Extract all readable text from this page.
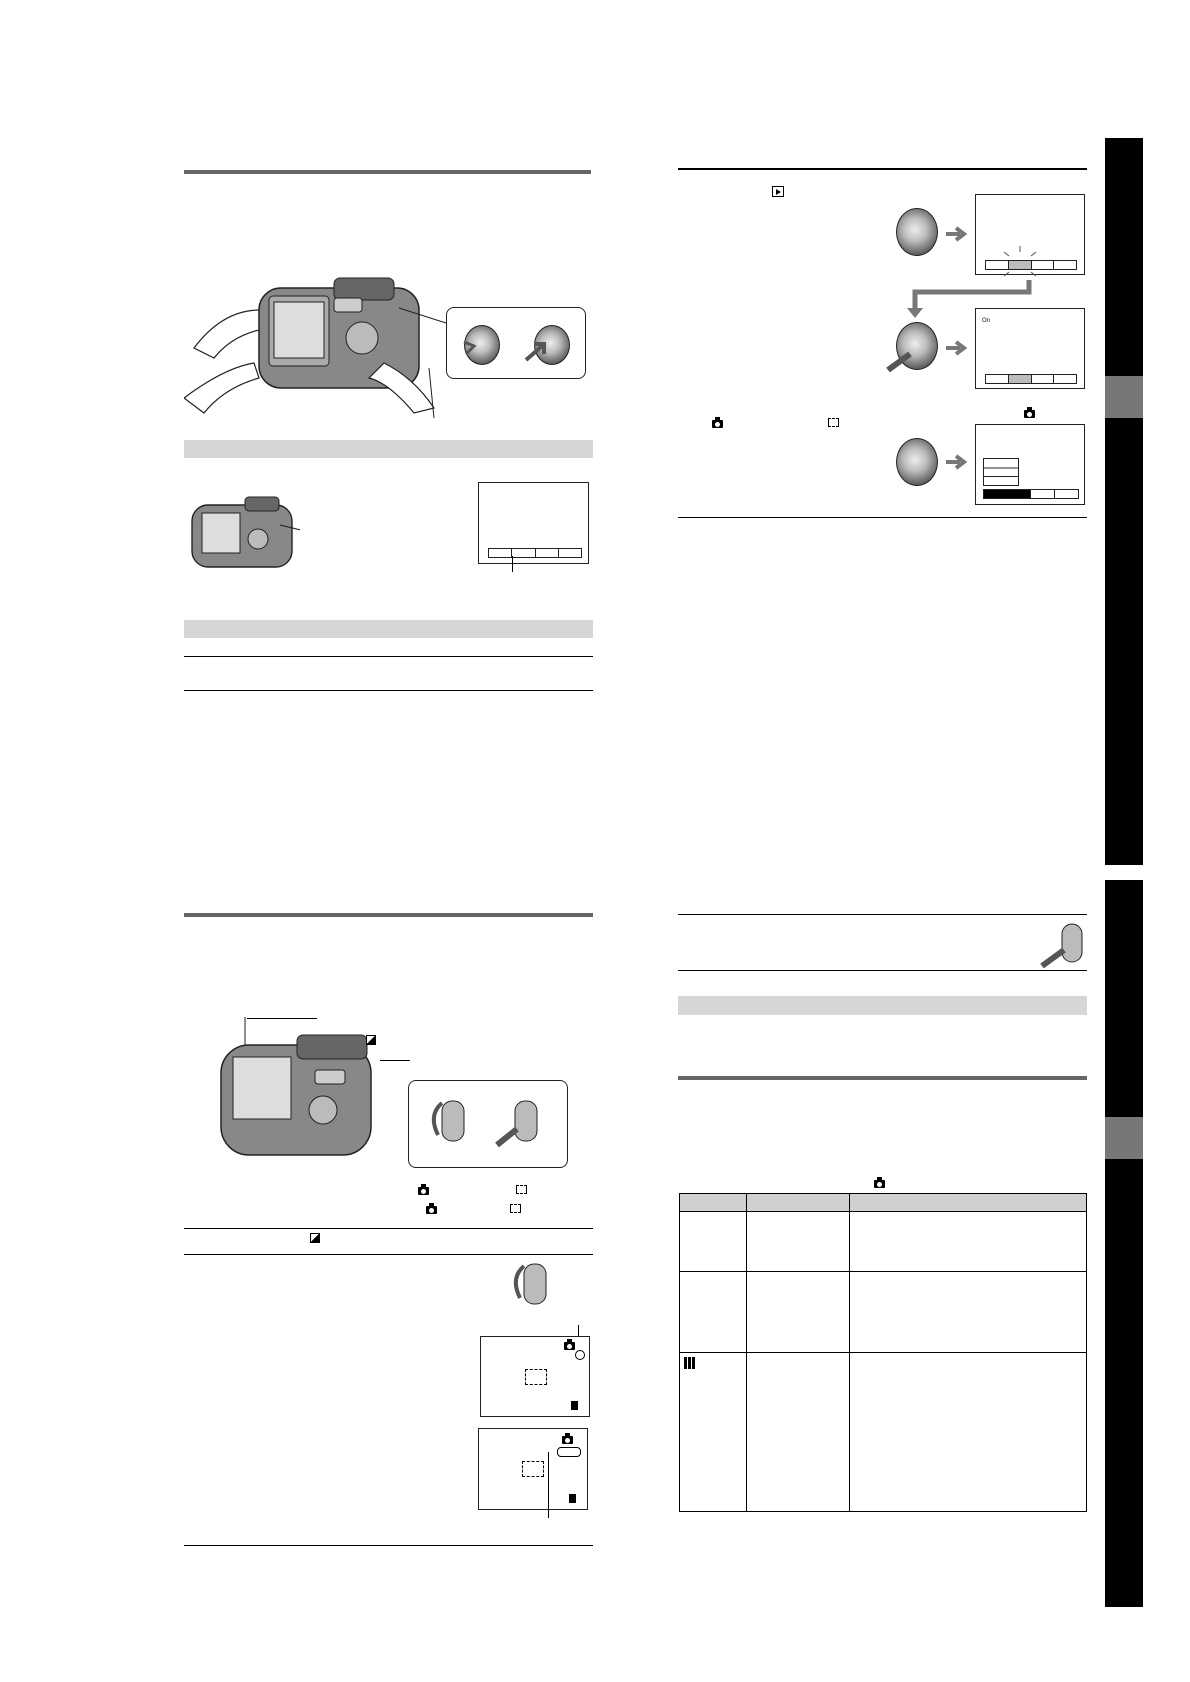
On
